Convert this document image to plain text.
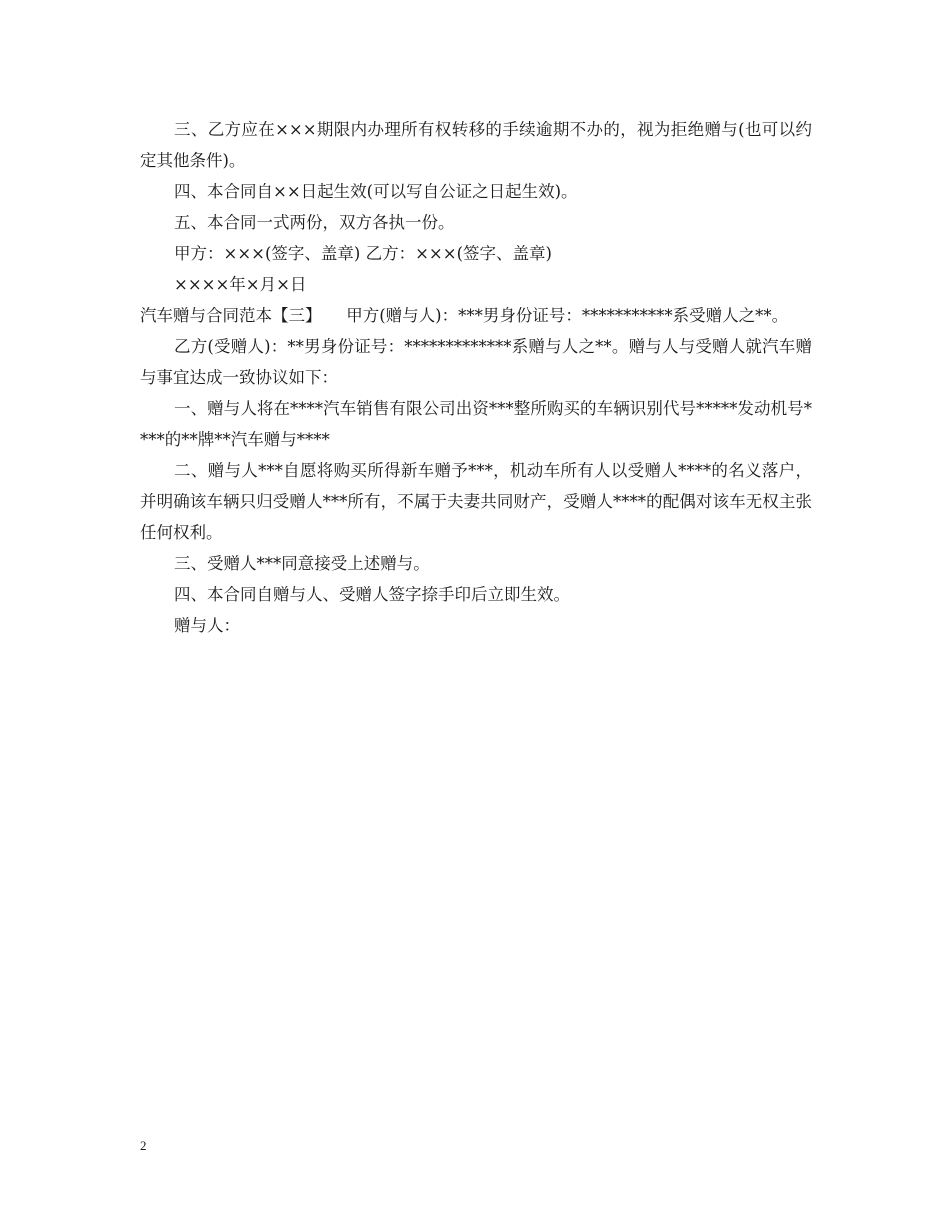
三、乙方应在×××期限内办理所有权转移的手续逾期不办的，视为拒绝赠与(也可以约定其他条件)。

四、本合同自××日起生效(可以写自公证之日起生效)。

五、本合同一式两份，双方各执一份。

甲方：×××(签字、盖章) 乙方：×××(签字、盖章)

××××年×月×日

汽车赠与合同范本【三】　　甲方(赠与人)：***男身份证号：***********系受赠人之**。

乙方(受赠人)：**男身份证号：*************系赠与人之**。赠与人与受赠人就汽车赠与事宜达成一致协议如下：

一、赠与人将在****汽车销售有限公司出资***整所购买的车辆识别代号*****发动机号****的**牌**汽车赠与****

二、赠与人***自愿将购买所得新车赠予***，机动车所有人以受赠人****的名义落户，并明确该车辆只归受赠人***所有，不属于夫妻共同财产，受赠人****的配偶对该车无权主张任何权利。

三、受赠人***同意接受上述赠与。

四、本合同自赠与人、受赠人签字捺手印后立即生效。

赠与人：

2
